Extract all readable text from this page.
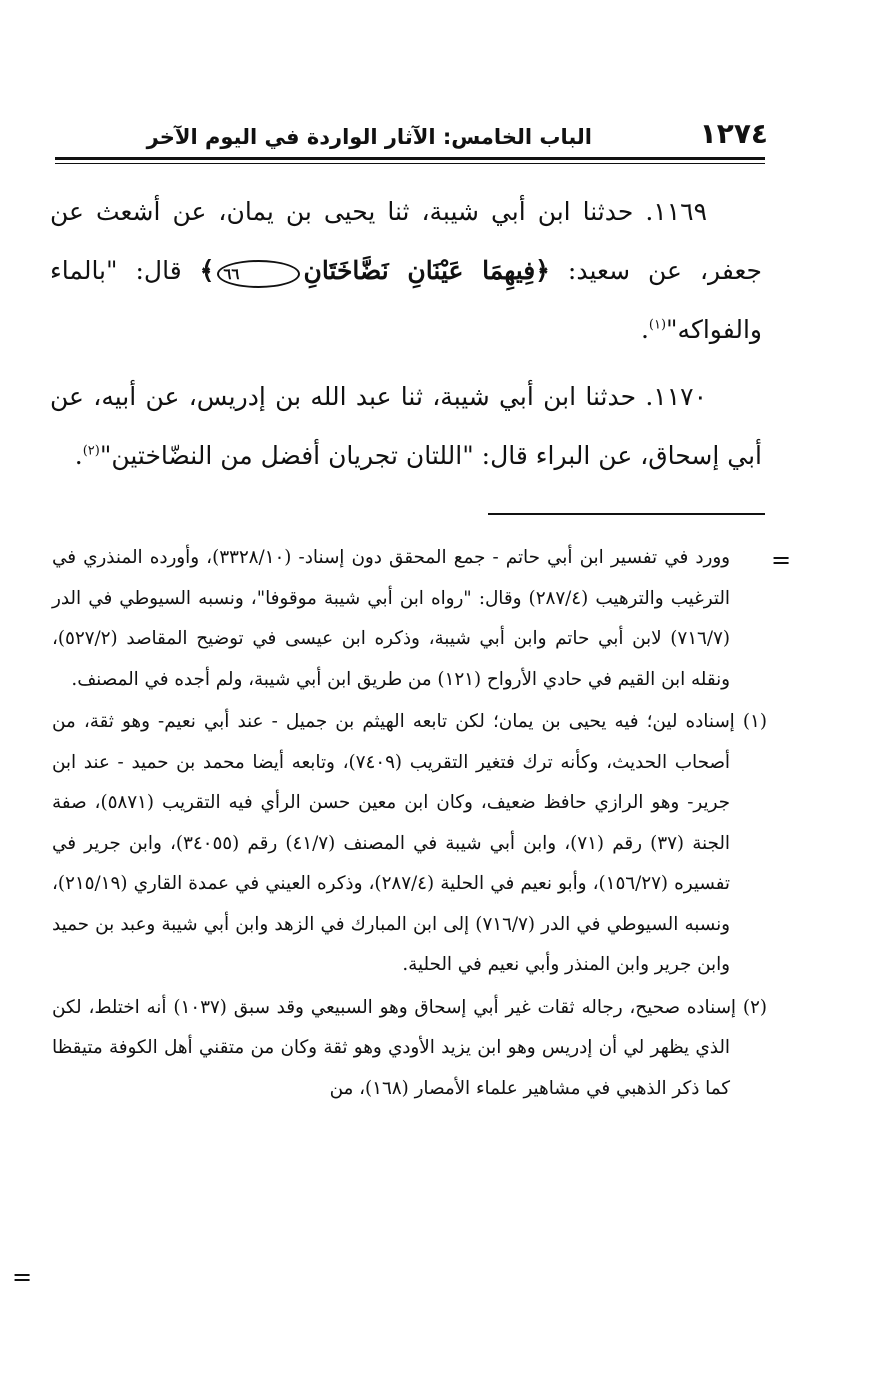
الباب الخامس: الآثار الواردة في اليوم الآخر	١٢٧٤

١١٦٩. حدثنا ابن أبي شيبة، ثنا يحيى بن يمان، عن أشعث عن جعفر، عن سعيد: ﴿فِيهِمَا عَيْنَانِ نَضَّاخَتَانِ٦٦﴾ قال: "بالماء والفواكه"$^{(١)}$.

١١٧٠. حدثنا ابن أبي شيبة، ثنا عبد الله بن إدريس، عن أبيه، عن أبي إسحاق، عن البراء قال: "اللتان تجريان أفضل من النضّاختين"$^{(٢)}$.

=
=

وورد في تفسير ابن أبي حاتم - جمع المحقق دون إسناد- (٣٣٢٨/١٠)، وأورده المنذري في الترغيب والترهيب (٢٨٧/٤) وقال: "رواه ابن أبي شيبة موقوفا"، ونسبه السيوطي في الدر (٧١٦/٧) لابن أبي حاتم وابن أبي شيبة، وذكره ابن عيسى في توضيح المقاصد (٥٢٧/٢)، ونقله ابن القيم في حادي الأرواح (١٢١) من طريق ابن أبي شيبة، ولم أجده في المصنف.

(١) إسناده لين؛ فيه يحيى بن يمان؛ لكن تابعه الهيثم بن جميل - عند أبي نعيم- وهو ثقة، من أصحاب الحديث، وكأنه ترك فتغير التقريب (٧٤٠٩)، وتابعه أيضا محمد بن حميد - عند ابن جرير- وهو الرازي حافظ ضعيف، وكان ابن معين حسن الرأي فيه التقريب (٥٨٧١)، صفة الجنة (٣٧) رقم (٧١)، وابن أبي شيبة في المصنف (٤١/٧) رقم (٣٤٠٥٥)، وابن جرير في تفسيره (١٥٦/٢٧)، وأبو نعيم في الحلية (٢٨٧/٤)، وذكره العيني في عمدة القاري (٢١٥/١٩)، ونسبه السيوطي في الدر (٧١٦/٧) إلى ابن المبارك في الزهد وابن أبي شيبة وعبد بن حميد وابن جرير وابن المنذر وأبي نعيم في الحلية.

(٢) إسناده صحيح، رجاله ثقات غير أبي إسحاق وهو السبيعي وقد سبق (١٠٣٧) أنه اختلط، لكن الذي يظهر لي أن إدريس وهو ابن يزيد الأودي وهو ثقة وكان من متقني أهل الكوفة متيقظا كما ذكر الذهبي في مشاهير علماء الأمصار (١٦٨)، من
